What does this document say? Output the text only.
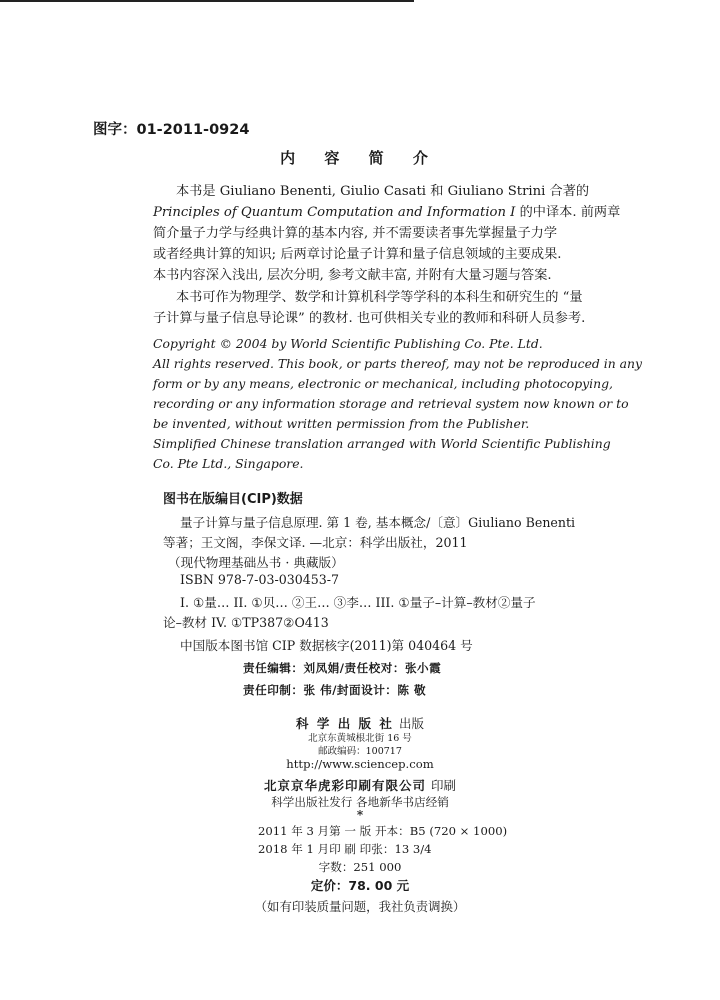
图字：01-2011-0924
内 容 简 介
本书是 Giuliano Benenti, Giulio Casati 和 Giuliano Strini 合著的
Principles of Quantum Computation and Information I 的中译本. 前两章
简介量子力学与经典计算的基本内容, 并不需要读者事先掌握量子力学
或者经典计算的知识; 后两章讨论量子计算和量子信息领域的主要成果.
本书内容深入浅出, 层次分明, 参考文献丰富, 并附有大量习题与答案.
本书可作为物理学、数学和计算机科学等学科的本科生和研究生的 “量
子计算与量子信息导论课” 的教材. 也可供相关专业的教师和科研人员参考.
Copyright © 2004 by World Scientific Publishing Co. Pte. Ltd.
All rights reserved. This book, or parts thereof, may not be reproduced in any
form or by any means, electronic or mechanical, including photocopying,
recording or any information storage and retrieval system now known or to
be invented, without written permission from the Publisher.
Simplified Chinese translation arranged with World Scientific Publishing
Co. Pte Ltd., Singapore.
图书在版编目(CIP)数据
量子计算与量子信息原理. 第 1 卷, 基本概念/〔意〕Giuliano Benenti
等著；王文阁，李保文译. —北京：科学出版社，2011
（现代物理基础丛书 · 典藏版）
ISBN 978-7-03-030453-7
I. ①量… II. ①贝… ②王… ③李… III. ①量子–计算–教材②量子
论–教材 IV. ①TP387②O413
中国版本图书馆 CIP 数据核字(2011)第 040464 号
责任编辑：刘凤娟/责任校对：张小霞
责任印制：张 伟/封面设计：陈 敬
科 学 出 版 社 出版
北京东黄城根北街 16 号
邮政编码：100717
http://www.sciencep.com
北京京华虎彩印刷有限公司 印刷
科学出版社发行 各地新华书店经销
*
2011 年 3 月第 一 版 开本：B5 (720 × 1000)
2018 年 1 月印 刷 印张：13 3/4
字数：251 000
定价：78. 00 元
（如有印装质量问题，我社负责调换）
